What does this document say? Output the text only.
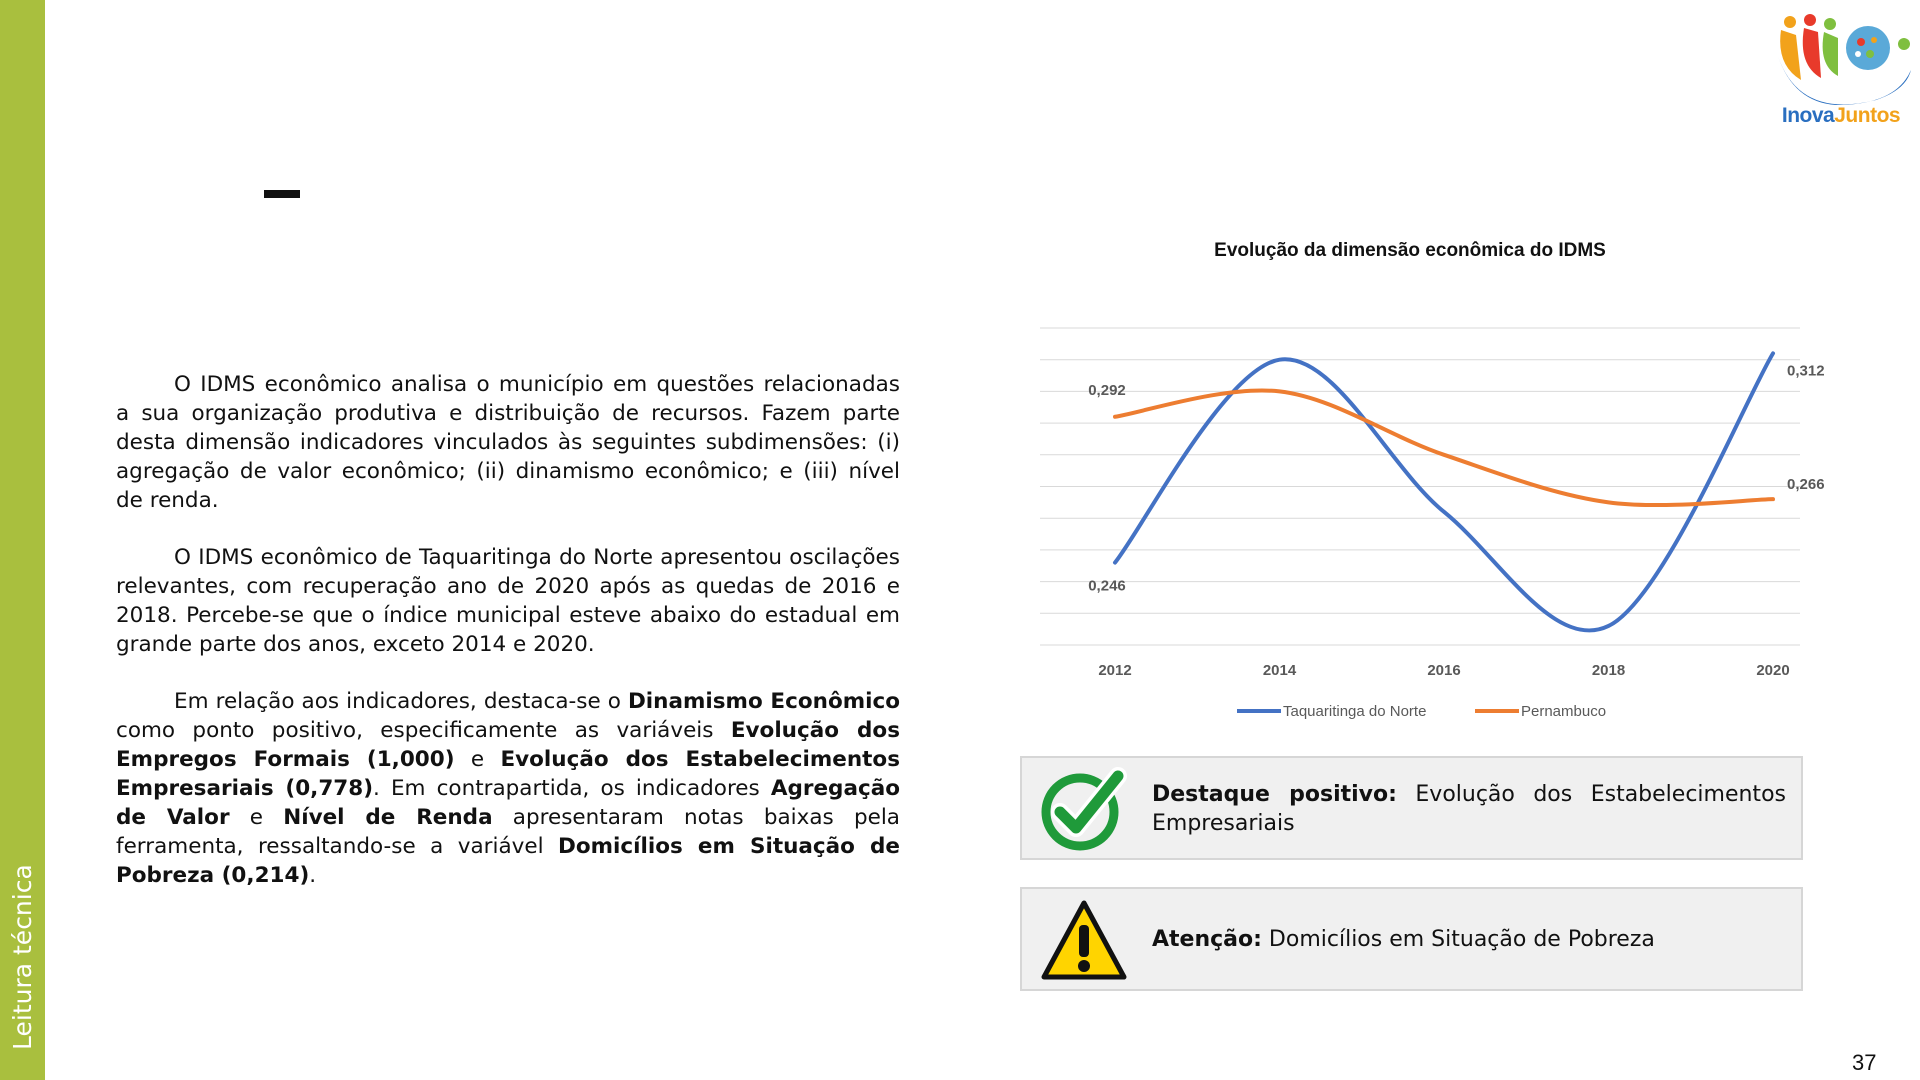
Leitura técnica
InovaJuntos

O IDMS econômico analisa o município em questões relacionadas a sua organização produtiva e distribuição de recursos. Fazem parte desta dimensão indicadores vinculados às seguintes subdimensões: (i) agregação de valor econômico; (ii) dinamismo econômico; e (iii) nível de renda.

O IDMS econômico de Taquaritinga do Norte apresentou oscilações relevantes, com recuperação ano de 2020 após as quedas de 2016 e 2018. Percebe-se que o índice municipal esteve abaixo do estadual em grande parte dos anos, exceto 2014 e 2020.

Em relação aos indicadores, destaca-se o Dinamismo Econômico como ponto positivo, especificamente as variáveis Evolução dos Empregos Formais (1,000) e Evolução dos Estabelecimentos Empresariais (0,778). Em contrapartida, os indicadores Agregação de Valor e Nível de Renda apresentaram notas baixas pela ferramenta, ressaltando-se a variável Domicílios em Situação de Pobreza (0,214).

Evolução da dimensão econômica do IDMS
0,246
0,312
0,292
0,266
2012	2014	2016	2018	2020
Taquaritinga do Norte	Pernambuco
Destaque positivo: Evolução dos Estabelecimentos Empresariais
Atenção: Domicílios em Situação de Pobreza
37
